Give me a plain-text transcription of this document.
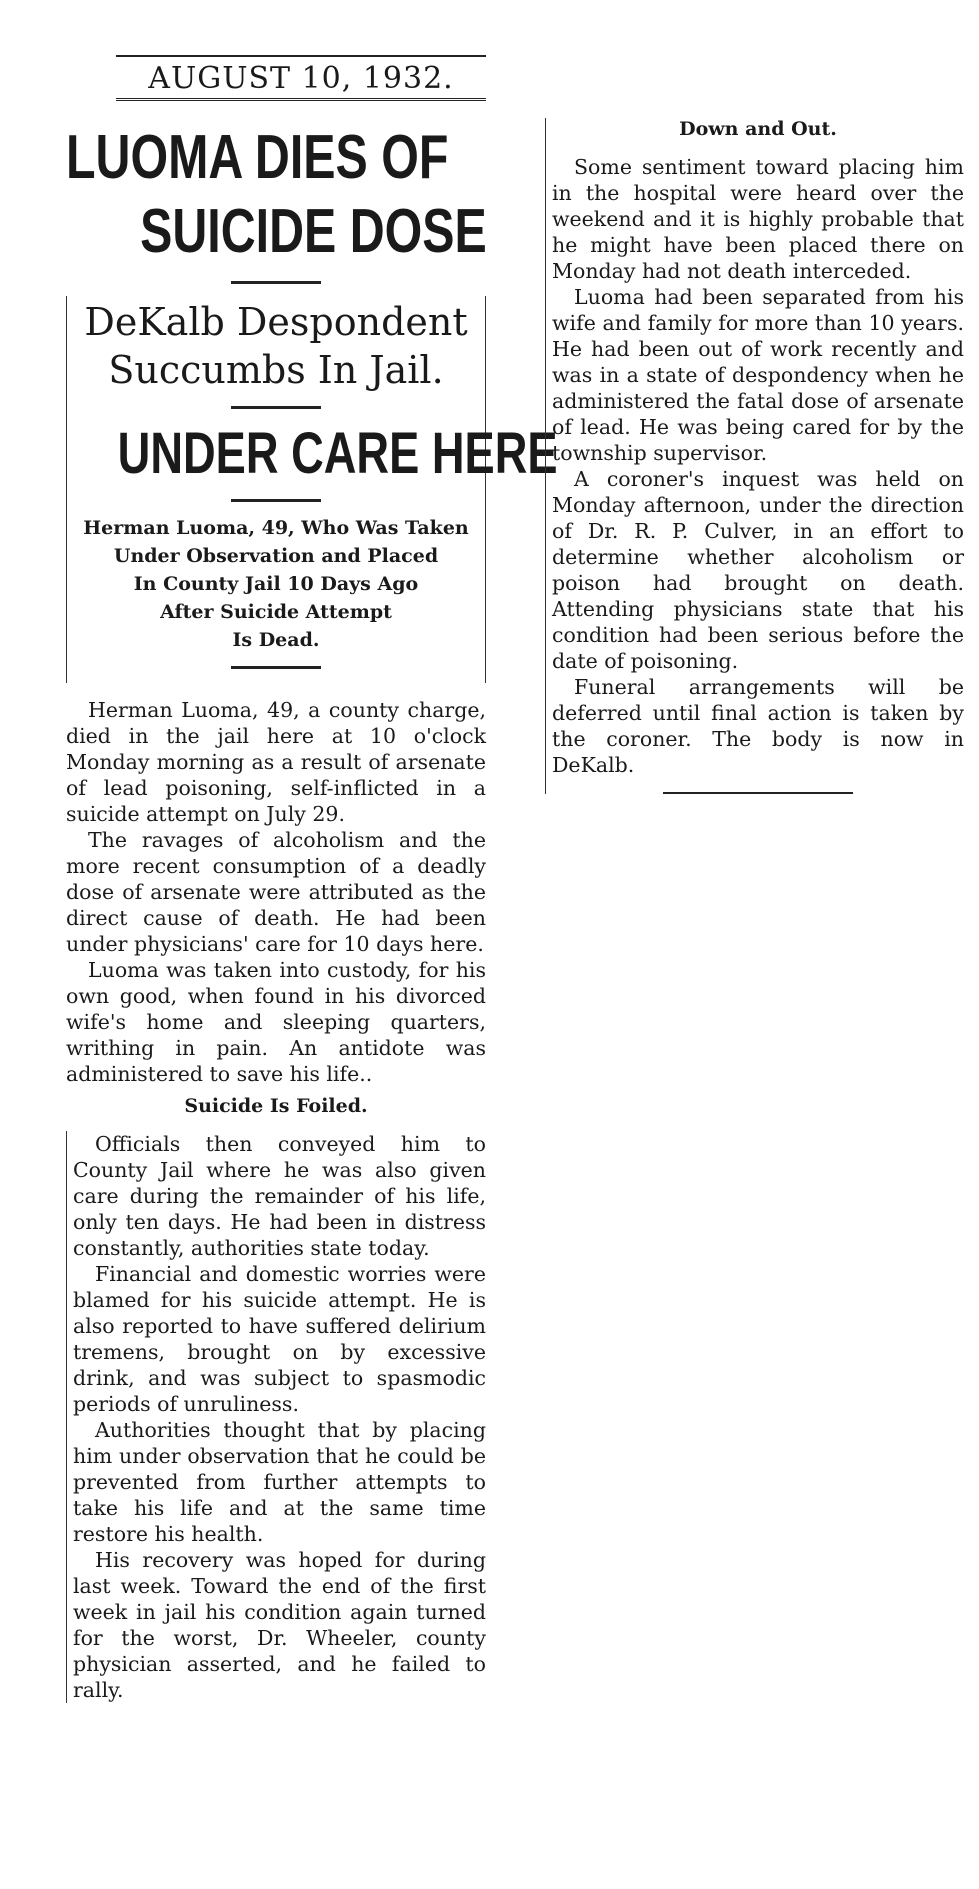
AUGUST 10, 1932.
LUOMA DIES OF
SUICIDE DOSE
DeKalb Despondent
Succumbs In Jail.
UNDER CARE HERE
Herman Luoma, 49, Who Was Taken
Under Observation and Placed
In County Jail 10 Days Ago
After Suicide Attempt
Is Dead.

Herman Luoma, 49, a county charge, died in the jail here at 10 o'clock Monday morning as a result of arsenate of lead poisoning, self-inflicted in a suicide attempt on July 29.

The ravages of alcoholism and the more recent consumption of a deadly dose of arsenate were attributed as the direct cause of death. He had been under physicians' care for 10 days here.

Luoma was taken into custody, for his own good, when found in his divorced wife's home and sleeping quarters, writhing in pain. An antidote was administered to save his life..

Suicide Is Foiled.

Officials then conveyed him to County Jail where he was also given care during the remainder of his life, only ten days. He had been in distress constantly, authorities state today.

Financial and domestic worries were blamed for his suicide attempt. He is also reported to have suffered delirium tremens, brought on by excessive drink, and was subject to spasmodic periods of unruliness.

Authorities thought that by placing him under observation that he could be prevented from further attempts to take his life and at the same time restore his health.

His recovery was hoped for during last week. Toward the end of the first week in jail his condition again turned for the worst, Dr. Wheeler, county physician asserted, and he failed to rally.

Down and Out.

Some sentiment toward placing him in the hospital were heard over the weekend and it is highly probable that he might have been placed there on Monday had not death interceded.

Luoma had been separated from his wife and family for more than 10 years. He had been out of work recently and was in a state of despondency when he administered the fatal dose of arsenate of lead. He was being cared for by the township supervisor.

A coroner's inquest was held on Monday afternoon, under the direction of Dr. R. P. Culver, in an effort to determine whether alcoholism or poison had brought on death. Attending physicians state that his condition had been serious before the date of poisoning.

Funeral arrangements will be deferred until final action is taken by the coroner. The body is now in DeKalb.
